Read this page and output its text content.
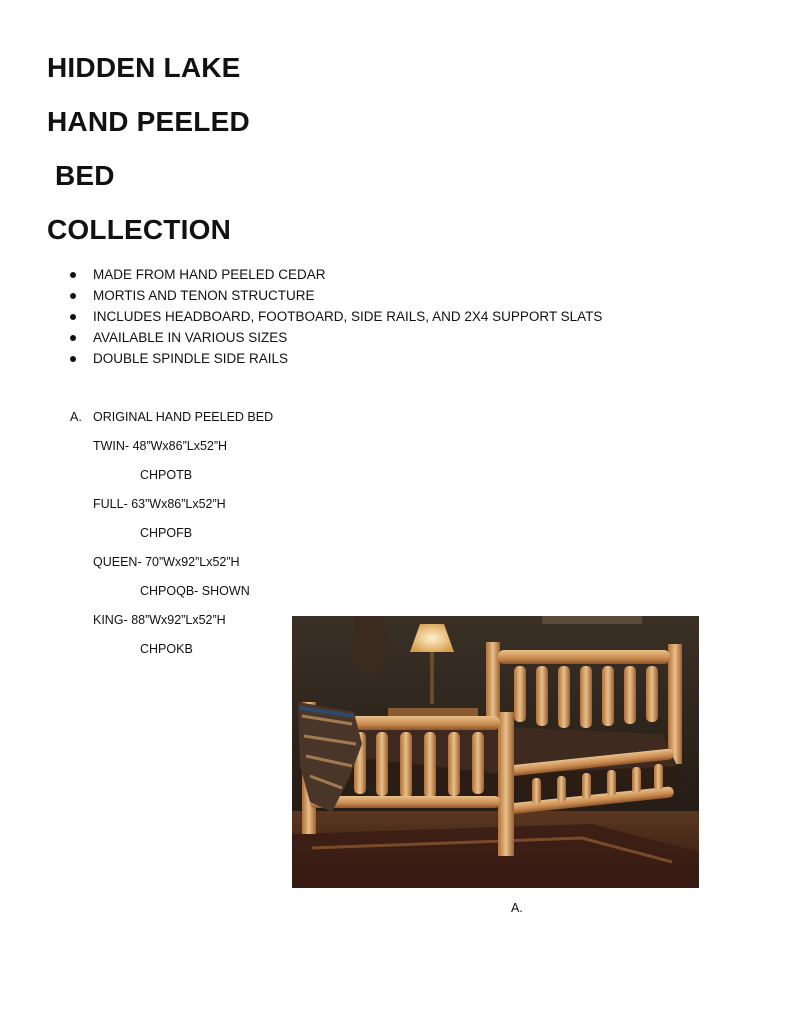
HIDDEN LAKE
HAND PEELED
BED
COLLECTION
MADE FROM HAND PEELED CEDAR
MORTIS AND TENON STRUCTURE
INCLUDES HEADBOARD, FOOTBOARD, SIDE RAILS, AND 2X4 SUPPORT SLATS
AVAILABLE IN VARIOUS SIZES
DOUBLE SPINDLE SIDE RAILS
A. ORIGINAL HAND PEELED BED
TWIN- 48”Wx86”Lx52”H
CHPOTB
FULL- 63”Wx86”Lx52”H
CHPOFB
QUEEN- 70”Wx92”Lx52”H
CHPOQB- SHOWN
KING- 88”Wx92”Lx52”H
CHPOKB
A.
